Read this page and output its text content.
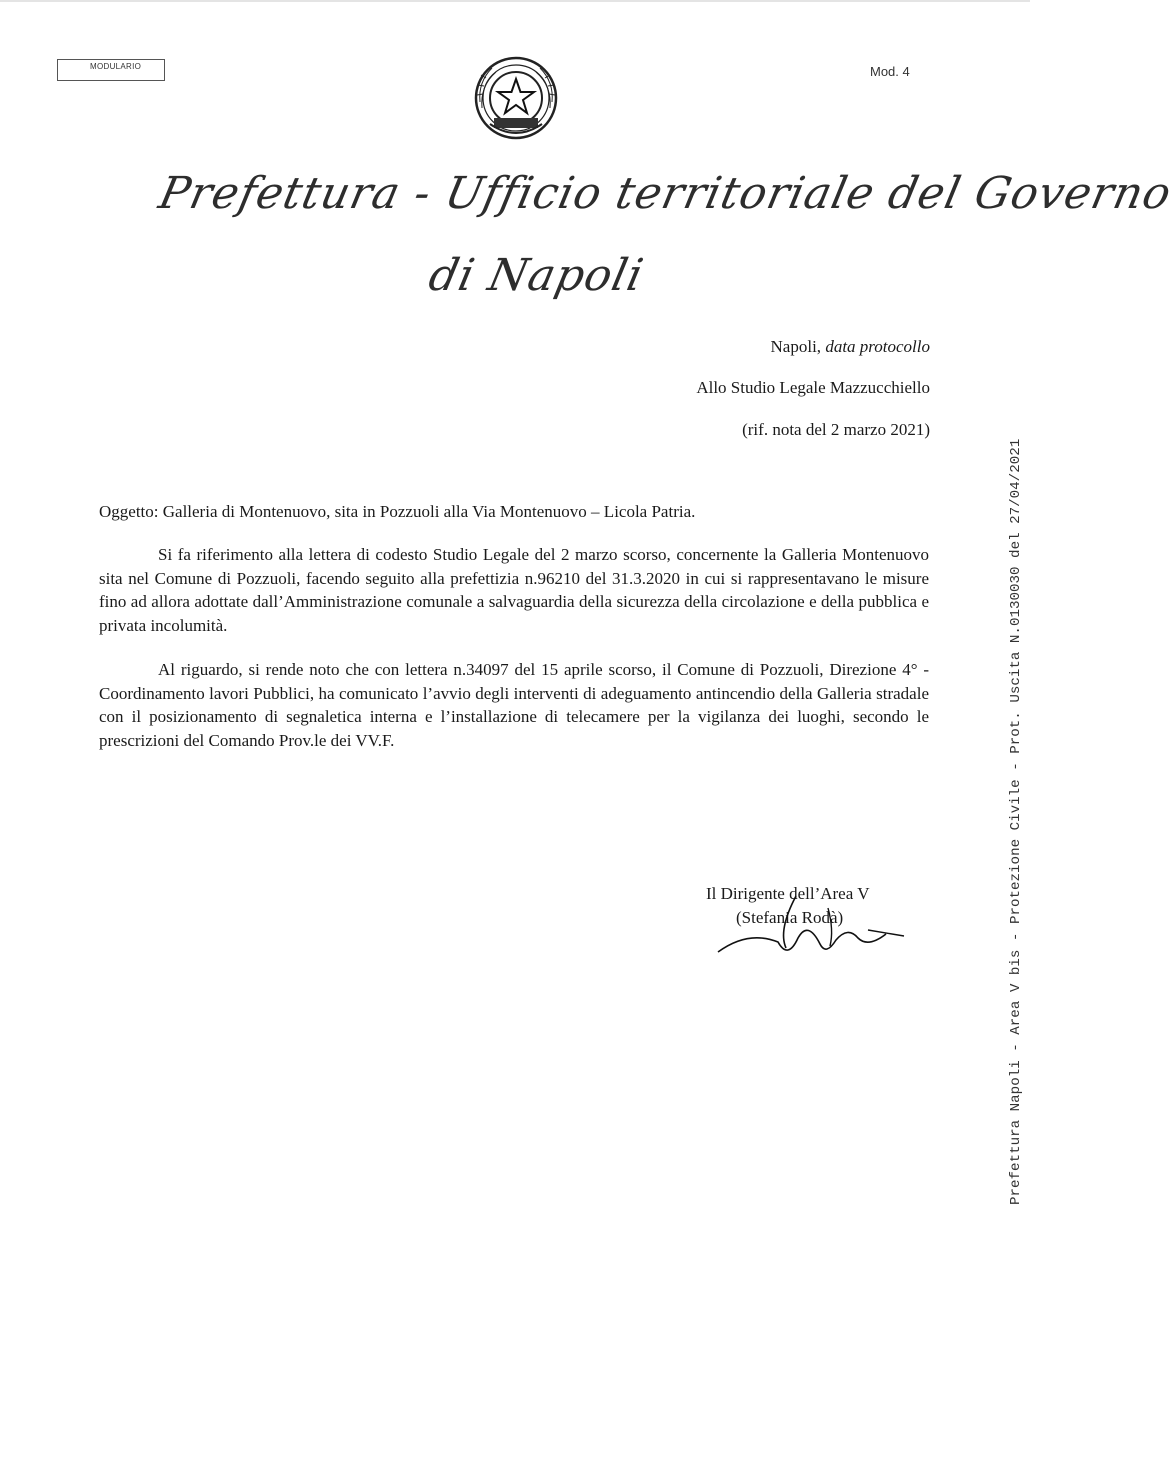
MODULARIO	Mod. 4
Prefettura - Ufficio territoriale del Governo
di Napoli
Napoli, data protocollo
Allo Studio Legale Mazzucchiello
(rif. nota del 2 marzo 2021)
Oggetto: Galleria di Montenuovo, sita in Pozzuoli alla Via Montenuovo – Licola Patria.

Si fa riferimento alla lettera di codesto Studio Legale del 2 marzo scorso, concernente la Galleria Montenuovo sita nel Comune di Pozzuoli, facendo seguito alla prefettizia n.96210 del 31.3.2020 in cui si rappresentavano le misure fino ad allora adottate dall’Amministrazione comunale a salvaguardia della sicurezza della circolazione e della pubblica e privata incolumità.

Al riguardo, si rende noto che con lettera n.34097 del 15 aprile scorso, il Comune di Pozzuoli, Direzione 4° - Coordinamento lavori Pubblici, ha comunicato l’avvio degli interventi di adeguamento antincendio della Galleria stradale con il posizionamento di segnaletica interna e l’installazione di telecamere per la vigilanza dei luoghi, secondo le prescrizioni del Comando Prov.le dei VV.F.

Il Dirigente dell’Area V
(Stefania Rodà)	Prefettura Napoli - Area V bis - Protezione Civile - Prot. Uscita N.0130030 del 27/04/2021
